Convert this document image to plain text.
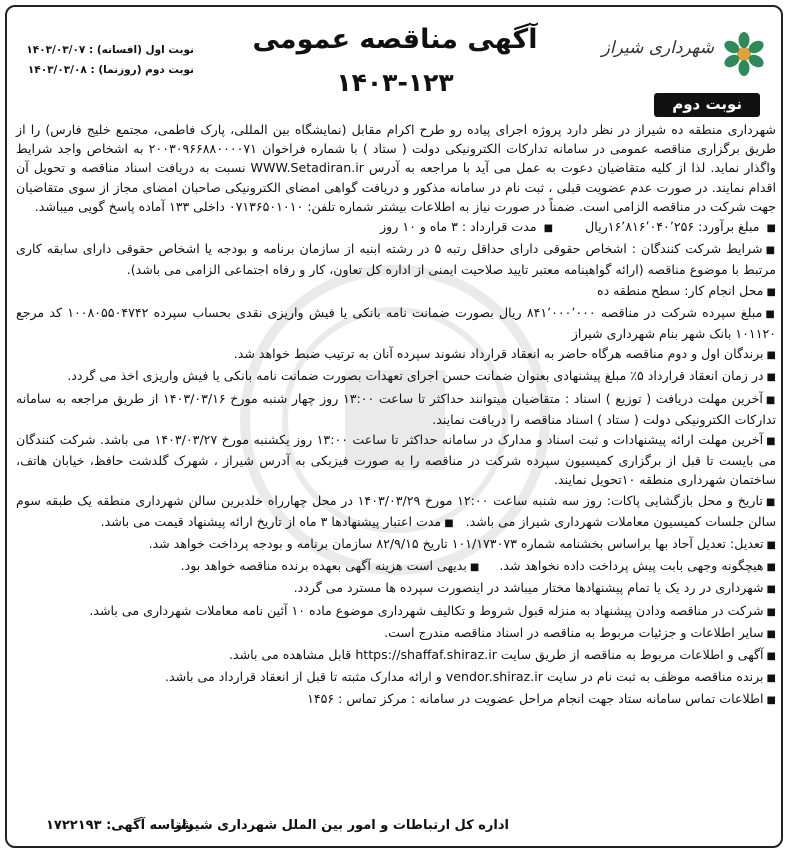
نوبت اول (افسانه) : ۱۴۰۳/۰۳/۰۷
نوبت دوم (روزنما) : ۱۴۰۳/۰۳/۰۸
آگهی مناقصه عمومی
۱۴۰۳-۱۲۳
شهرداری شیراز
نوبت دوم

شهرداری منطقه ده شیراز در نظر دارد پروژه اجرای پیاده رو طرح اکرام مقابل (نمایشگاه بین المللی، پارک فاطمی، مجتمع خلیج فارس) را از طریق برگزاری مناقصه عمومی در سامانه تدارکات الکترونیکی دولت ( ستاد ) با شماره فراخوان ۲۰۰۳۰۹۶۶۸۸۰۰۰۰۷۱ به اشخاص واجد شرایط واگذار نماید. لذا از کلیه متقاضیان دعوت به عمل می آید با مراجعه به آدرس WWW.Setadiran.ir نسبت به دریافت اسناد مناقصه و تحویل آن اقدام نمایند. در صورت عدم عضویت قبلی ، ثبت نام در سامانه مذکور و دریافت گواهی امضای الکترونیکی صاحبان امضای مجاز از سوی متقاضیان جهت شرکت در مناقصه الزامی است. ضمناً در صورت نیاز به اطلاعات بیشتر شماره تلفن: ۰۷۱۳۶۵۰۱۰۱۰ داخلی ۱۳۳ آماده پاسخ گویی میباشد.

■ مبلغ برآورد: ۱۶٬۸۱۶٬۰۴۰٬۲۵۶ریال        ■ مدت قرارداد : ۳ ماه و ۱۰ روز

■شرایط شرکت کنندگان : اشخاص حقوقی دارای حداقل رتبه ۵ در رشته ابنیه از سازمان برنامه و بودجه یا اشخاص حقوقی دارای سابقه کاری مرتبط با موضوع مناقصه (ارائه گواهینامه معتبر تایید صلاحیت ایمنی از اداره کل تعاون، کار و رفاه اجتماعی الزامی می باشد).

■محل انجام کار: سطح منطقه ده

■مبلغ سپرده شرکت در مناقصه ۸۴۱٬۰۰۰٬۰۰۰ ریال بصورت ضمانت نامه بانکی یا فیش واریزی نقدی بحساب سپرده ۱۰۰۸۰۵۵۰۴۷۴۲ کد مرجع ۱۰۱۱۲۰ بانک شهر بنام شهرداری شیراز

■برندگان اول و دوم مناقصه هرگاه حاضر به انعقاد قرارداد نشوند سپرده آنان به ترتیب ضبط خواهد شد.

■در زمان انعقاد قرارداد ۵٪ مبلغ پیشنهادی بعنوان ضمانت حسن اجرای تعهدات بصورت ضمانت نامه بانکی یا فیش واریزی اخذ می گردد.

■آخرین مهلت دریافت ( توزیع ) اسناد : متقاضیان میتوانند حداکثر تا ساعت ۱۳:۰۰ روز چهار شنبه مورخ ۱۴۰۳/۰۳/۱۶ از طریق مراجعه به سامانه تدارکات الکترونیکی دولت ( ستاد ) اسناد مناقصه را دریافت نمایند.

■آخرین مهلت ارائه پیشنهادات و ثبت اسناد و مدارک در سامانه حداکثر تا ساعت ۱۳:۰۰ روز یکشنبه مورخ ۱۴۰۳/۰۳/۲۷ می باشد. شرکت کنندگان می بایست تا قبل از برگزاری کمیسیون سپرده شرکت در مناقصه را به صورت فیزیکی به آدرس شیراز ، شهرک گلدشت حافظ، خیابان هاتف، ساختمان شهرداری منطقه ۱۰تحویل نمایند.

■تاریخ و محل بازگشایی پاکات: روز سه شنبه ساعت ۱۲:۰۰ مورخ ۱۴۰۳/۰۳/۲۹ در محل چهارراه خلدبرین سالن شهرداری منطقه یک طبقه سوم سالن جلسات کمیسیون معاملات شهرداری شیراز می باشد.   ■مدت اعتبار پیشنهادها ۳ ماه از تاریخ ارائه پیشنهاد قیمت می باشد.

■تعدیل: تعدیل آحاد بها براساس بخشنامه شماره ۱۰۱/۱۷۳۰۷۳ تاریخ ۸۲/۹/۱۵ سازمان برنامه و بودجه پرداخت خواهد شد.

■هیچگونه وجهی بابت پیش پرداخت داده نخواهد شد.     ■بدیهی است هزینه آگهی بعهده برنده مناقصه خواهد بود.

■شهرداری در رد یک یا تمام پیشنهادها مختار میباشد در اینصورت سپرده ها مسترد می گردد.

■شرکت در مناقصه ودادن پیشنهاد به منزله قبول شروط و تکالیف شهرداری موضوع ماده ۱۰ آئین نامه معاملات شهرداری می باشد.

■سایر اطلاعات و جزئیات مربوط به مناقصه در اسناد مناقصه مندرج است.

■آگهی و اطلاعات مربوط به مناقصه از طریق سایت https://shaffaf.shiraz.ir قابل مشاهده می باشد.

■برنده مناقصه موظف به ثبت نام در سایت vendor.shiraz.ir و ارائه مدارک مثبته تا قبل از انعقاد قرارداد می باشد.

■اطلاعات تماس سامانه ستاد جهت انجام مراحل عضویت در سامانه : مرکز تماس : ۱۴۵۶

اداره کل ارتباطات و امور بین الملل شهرداری شیراز
شناسه آگهی: ۱۷۲۲۱۹۳
